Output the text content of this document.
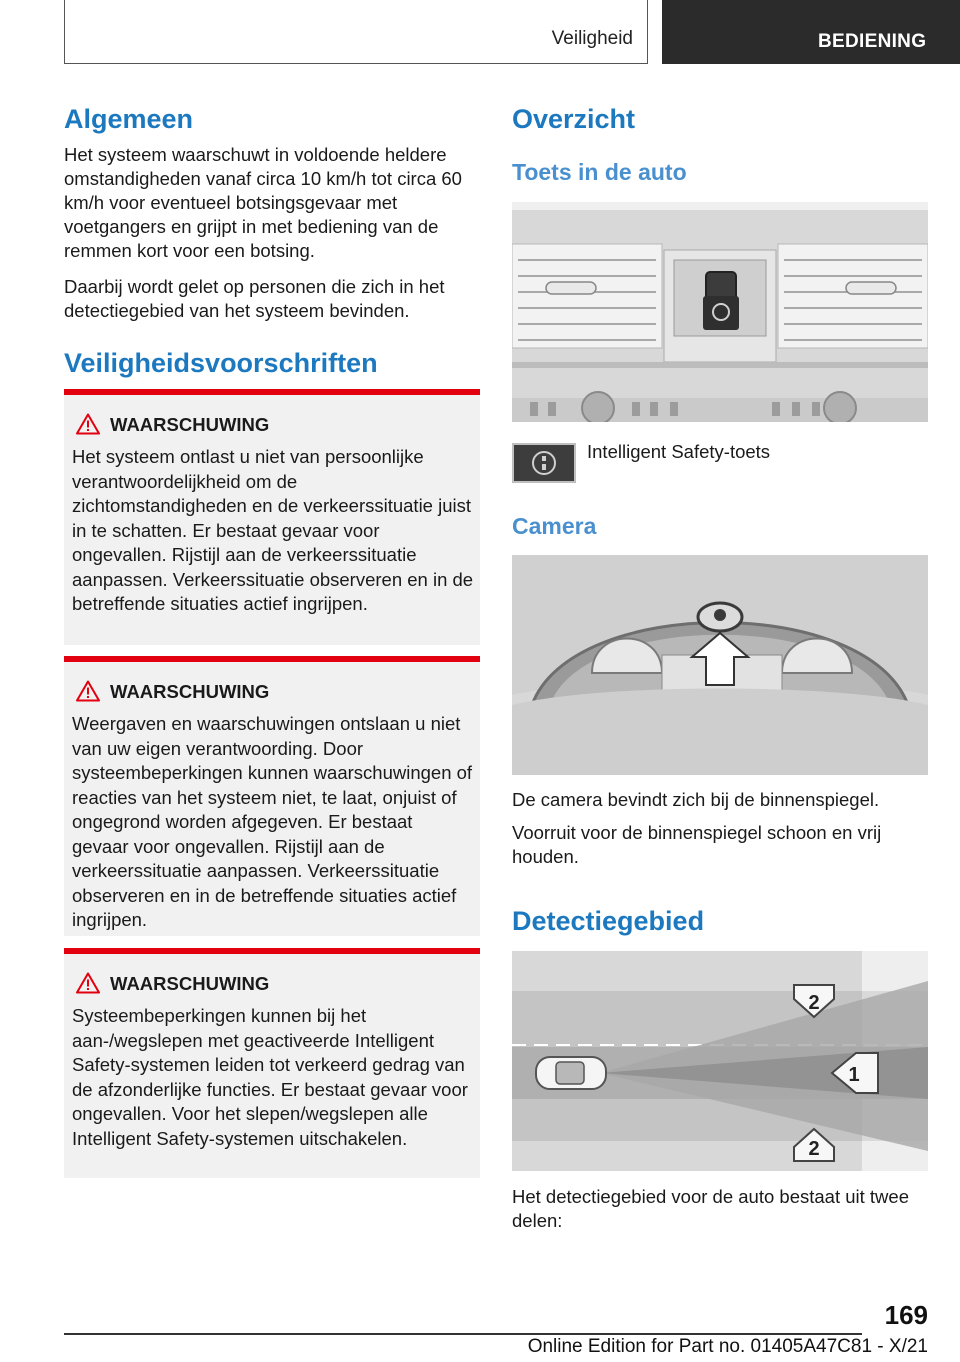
Veiligheid	BEDIENING
Algemeen

Het systeem waarschuwt in voldoende heldere omstandigheden vanaf circa 10 km/h tot circa 60 km/h voor eventueel botsingsgevaar met voetgangers en grijpt in met bediening van de remmen kort voor een botsing.

Daarbij wordt gelet op personen die zich in het detectiegebied van het systeem bevinden.

Veiligheidsvoorschriften
WAARSCHUWING
Het systeem ontlast u niet van persoonlijke verantwoordelijkheid om de zichtomstandigheden en de verkeerssituatie juist in te schatten. Er bestaat gevaar voor ongevallen. Rijstijl aan de verkeerssituatie aanpassen. Verkeerssituatie observeren en in de betreffende situaties actief ingrijpen.
WAARSCHUWING
Weergaven en waarschuwingen ontslaan u niet van uw eigen verantwoording. Door systeembeperkingen kunnen waarschuwingen of reacties van het systeem niet, te laat, onjuist of ongegrond worden afgegeven. Er bestaat gevaar voor ongevallen. Rijstijl aan de verkeerssituatie aanpassen. Verkeerssituatie observeren en in de betreffende situaties actief ingrijpen.
WAARSCHUWING
Systeembeperkingen kunnen bij het aan-/wegslepen met geactiveerde Intelligent Safety-systemen leiden tot verkeerd gedrag van de afzonderlijke functies. Er bestaat gevaar voor ongevallen. Voor het slepen/wegslepen alle Intelligent Safety-systemen uitschakelen.
Overzicht
Toets in de auto

Intelligent Safety-toets

Camera

De camera bevindt zich bij de binnenspiegel.

Voorruit voor de binnenspiegel schoon en vrij houden.

Detectiegebied
2
1
2

Het detectiegebied voor de auto bestaat uit twee delen:

169
Online Edition for Part no. 01405A47C81 - X/21
